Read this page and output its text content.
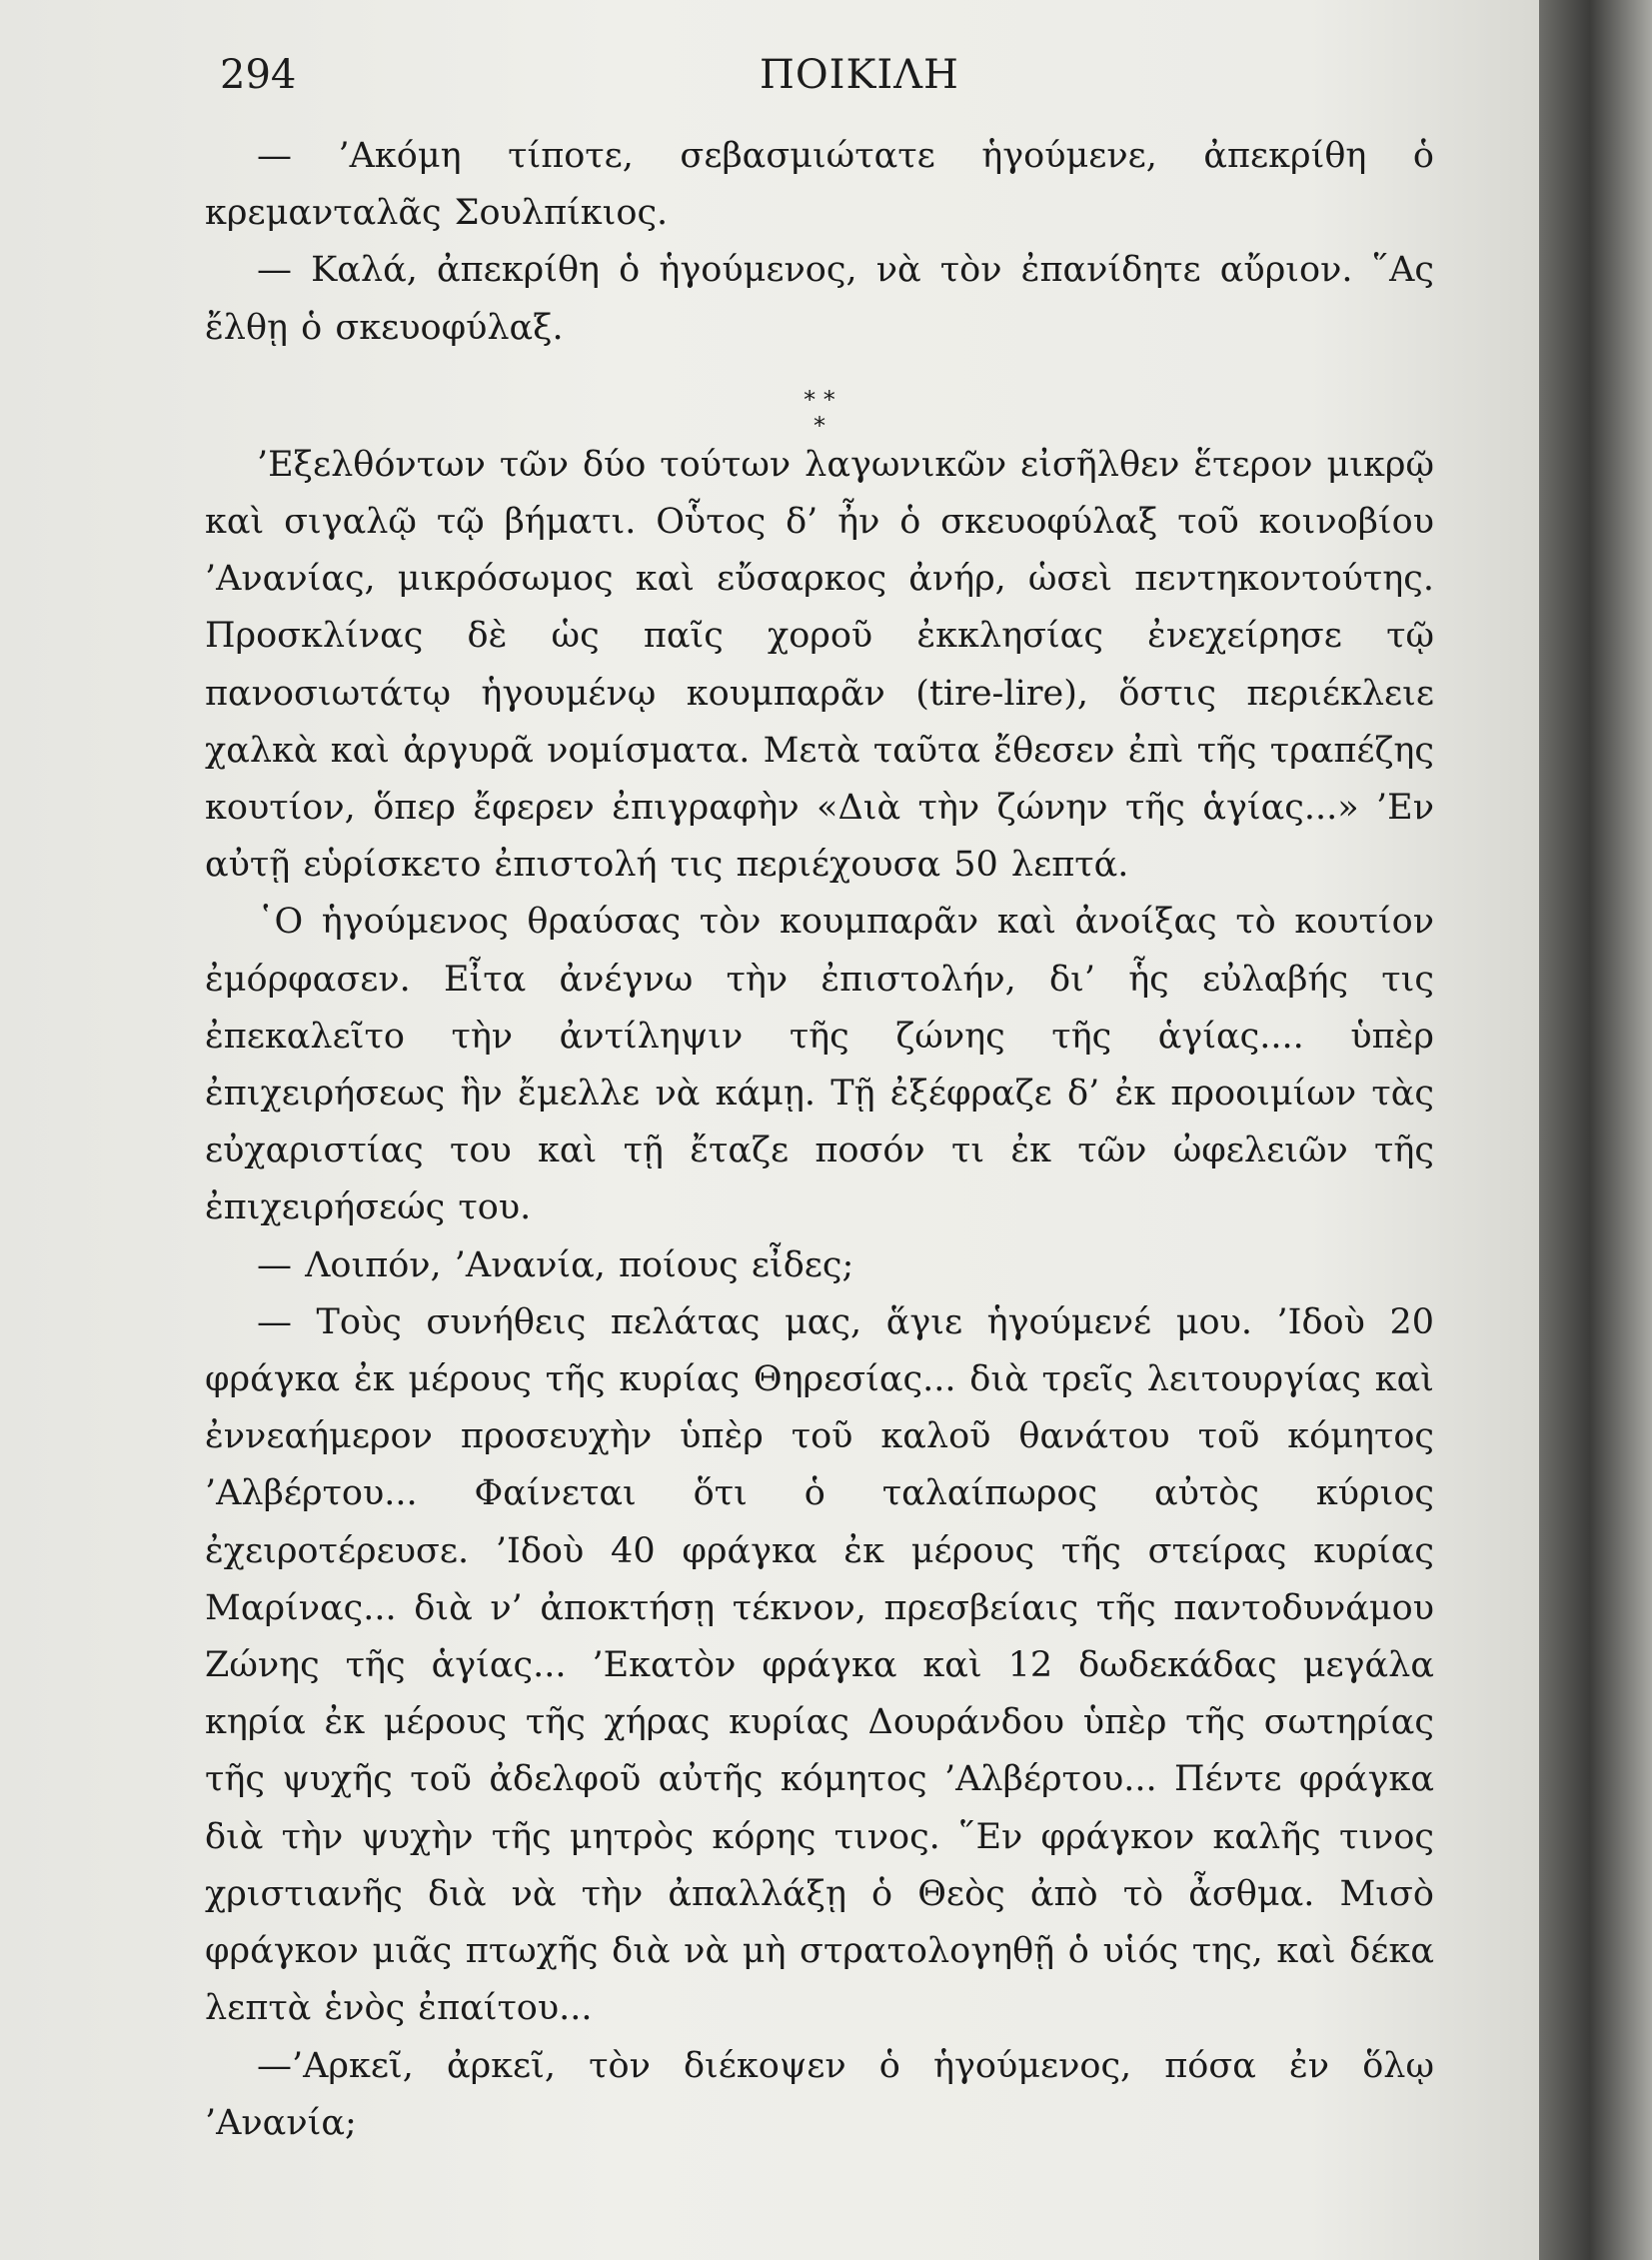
294	ΠΟΙΚΙΛΗ

— ’Ακόμη τίποτε, σεβασμιώτατε ἡγούμενε, ἀπεκρίθη ὁ κρεμανταλᾶς Σουλπίκιος.

— Καλά, ἀπεκρίθη ὁ ἡγούμενος, νὰ τὸν ἐπανίδητε αὔριον. ῞Ας ἔλθῃ ὁ σκευοφύλαξ.

* *
*

’Εξελθόντων τῶν δύο τούτων λαγωνικῶν εἰσῆλθεν ἕτερον μικρῷ καὶ σιγαλῷ τῷ βήματι. Οὗτος δ’ ἦν ὁ σκευοφύλαξ τοῦ κοινοβίου ’Ανανίας, μικρόσωμος καὶ εὔσαρκος ἀνήρ, ὡσεὶ πεντηκοντούτης. Προσκλίνας δὲ ὡς παῖς χοροῦ ἐκκλησίας ἐνεχείρησε τῷ πανοσιωτάτῳ ἡγουμένῳ κουμπαρᾶν (tire-lire), ὅστις περιέκλειε χαλκὰ καὶ ἀργυρᾶ νομίσματα. Μετὰ ταῦτα ἔθεσεν ἐπὶ τῆς τραπέζης κουτίον, ὅπερ ἔφερεν ἐπιγραφὴν «Διὰ τὴν ζώνην τῆς ἁγίας...» ’Εν αὐτῇ εὑρίσκετο ἐπιστολή τις περιέχουσα 50 λεπτά.

῾Ο ἡγούμενος θραύσας τὸν κουμπαρᾶν καὶ ἀνοίξας τὸ κουτίον ἐμόρφασεν. Εἶτα ἀνέγνω τὴν ἐπιστολήν, δι’ ἧς εὐλαβής τις ἐπεκαλεῖτο τὴν ἀντίληψιν τῆς ζώνης τῆς ἁγίας.... ὑπὲρ ἐπιχειρήσεως ἣν ἔμελλε νὰ κάμῃ. Τῇ ἐξέφραζε δ’ ἐκ προοιμίων τὰς εὐχαριστίας του καὶ τῇ ἔταζε ποσόν τι ἐκ τῶν ὠφελειῶν τῆς ἐπιχειρήσεώς του.

— Λοιπόν, ’Ανανία, ποίους εἶδες;

— Τοὺς συνήθεις πελάτας μας, ἅγιε ἡγούμενέ μου. ’Ιδοὺ 20 φράγκα ἐκ μέρους τῆς κυρίας Θηρεσίας... διὰ τρεῖς λειτουργίας καὶ ἐννεαήμερον προσευχὴν ὑπὲρ τοῦ καλοῦ θανάτου τοῦ κόμητος ’Αλβέρτου... Φαίνεται ὅτι ὁ ταλαίπωρος αὐτὸς κύριος ἐχειροτέρευσε. ’Ιδοὺ 40 φράγκα ἐκ μέρους τῆς στείρας κυρίας Μαρίνας... διὰ ν’ ἀποκτήσῃ τέκνον, πρεσβείαις τῆς παντοδυνάμου Ζώνης τῆς ἁγίας... ’Εκατὸν φράγκα καὶ 12 δωδεκάδας μεγάλα κηρία ἐκ μέρους τῆς χήρας κυρίας Δουράνδου ὑπὲρ τῆς σωτηρίας τῆς ψυχῆς τοῦ ἀδελφοῦ αὐτῆς κόμητος ’Αλβέρτου... Πέντε φράγκα διὰ τὴν ψυχὴν τῆς μητρὸς κόρης τινος. ῞Εν φράγκον καλῆς τινος χριστιανῆς διὰ νὰ τὴν ἀπαλλάξῃ ὁ Θεὸς ἀπὸ τὸ ἆσθμα. Μισὸ φράγκον μιᾶς πτωχῆς διὰ νὰ μὴ στρατολογηθῇ ὁ υἱός της, καὶ δέκα λεπτὰ ἑνὸς ἐπαίτου...

—’Αρκεῖ, ἀρκεῖ, τὸν διέκοψεν ὁ ἡγούμενος, πόσα ἐν ὅλῳ ’Ανανία;
